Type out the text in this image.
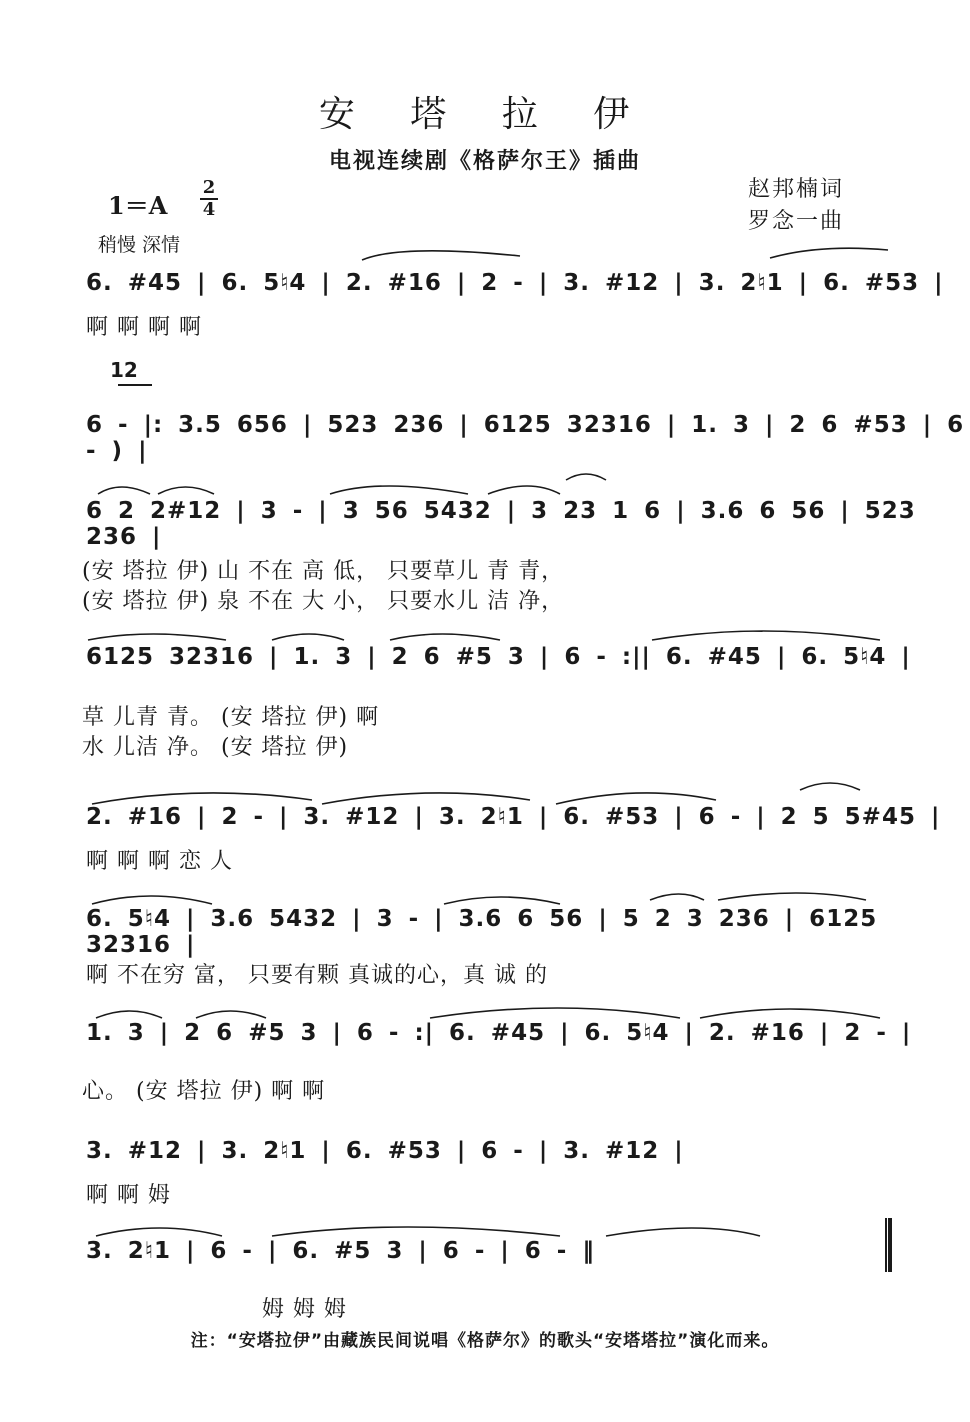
安 塔 拉 伊
电视连续剧《格萨尔王》插曲
赵邦楠词
罗念一曲
1＝A
2
4
稍慢 深情
6. #45 | 6. 5♮4 | 2. #16 | 2 - | 3. #12 | 3. 2♮1 | 6. #53 |
啊 啊 啊 啊
12
6 - |: 3.5 656 | 523 236 | 6125 32316 | 1. 3 | 2 6 #53 | 6 - ) |
6 2 2#12 | 3 - | 3 56 5432 | 3 23 1 6 | 3.6 6 56 | 523 236 |
(安 塔拉 伊) 山 不在 高 低， 只要草儿 青 青，
(安 塔拉 伊) 泉 不在 大 小， 只要水儿 洁 净，
6125 32316 | 1. 3 | 2 6 #5 3 | 6 - :|| 6. #45 | 6. 5♮4 |
草 儿青 青。 (安 塔拉 伊) 啊
水 儿洁 净。 (安 塔拉 伊)
2. #16 | 2 - | 3. #12 | 3. 2♮1 | 6. #53 | 6 - | 2 5 5#45 |
啊 啊 啊 恋 人
6. 5♮4 | 3.6 5432 | 3 - | 3.6 6 56 | 5 2 3 236 | 6125 32316 |
啊 不在穷 富， 只要有颗 真诚的心，真 诚 的
1. 3 | 2 6 #5 3 | 6 - :| 6. #45 | 6. 5♮4 | 2. #16 | 2 - |
心。 (安 塔拉 伊) 啊 啊
3. #12 | 3. 2♮1 | 6. #53 | 6 - | 3. #12 |
啊 啊 姆
3. 2♮1 | 6 - | 6. #5 3 | 6 - | 6 - ‖
姆 姆 姆
注：“安塔拉伊”由藏族民间说唱《格萨尔》的歌头“安塔塔拉”演化而来。
